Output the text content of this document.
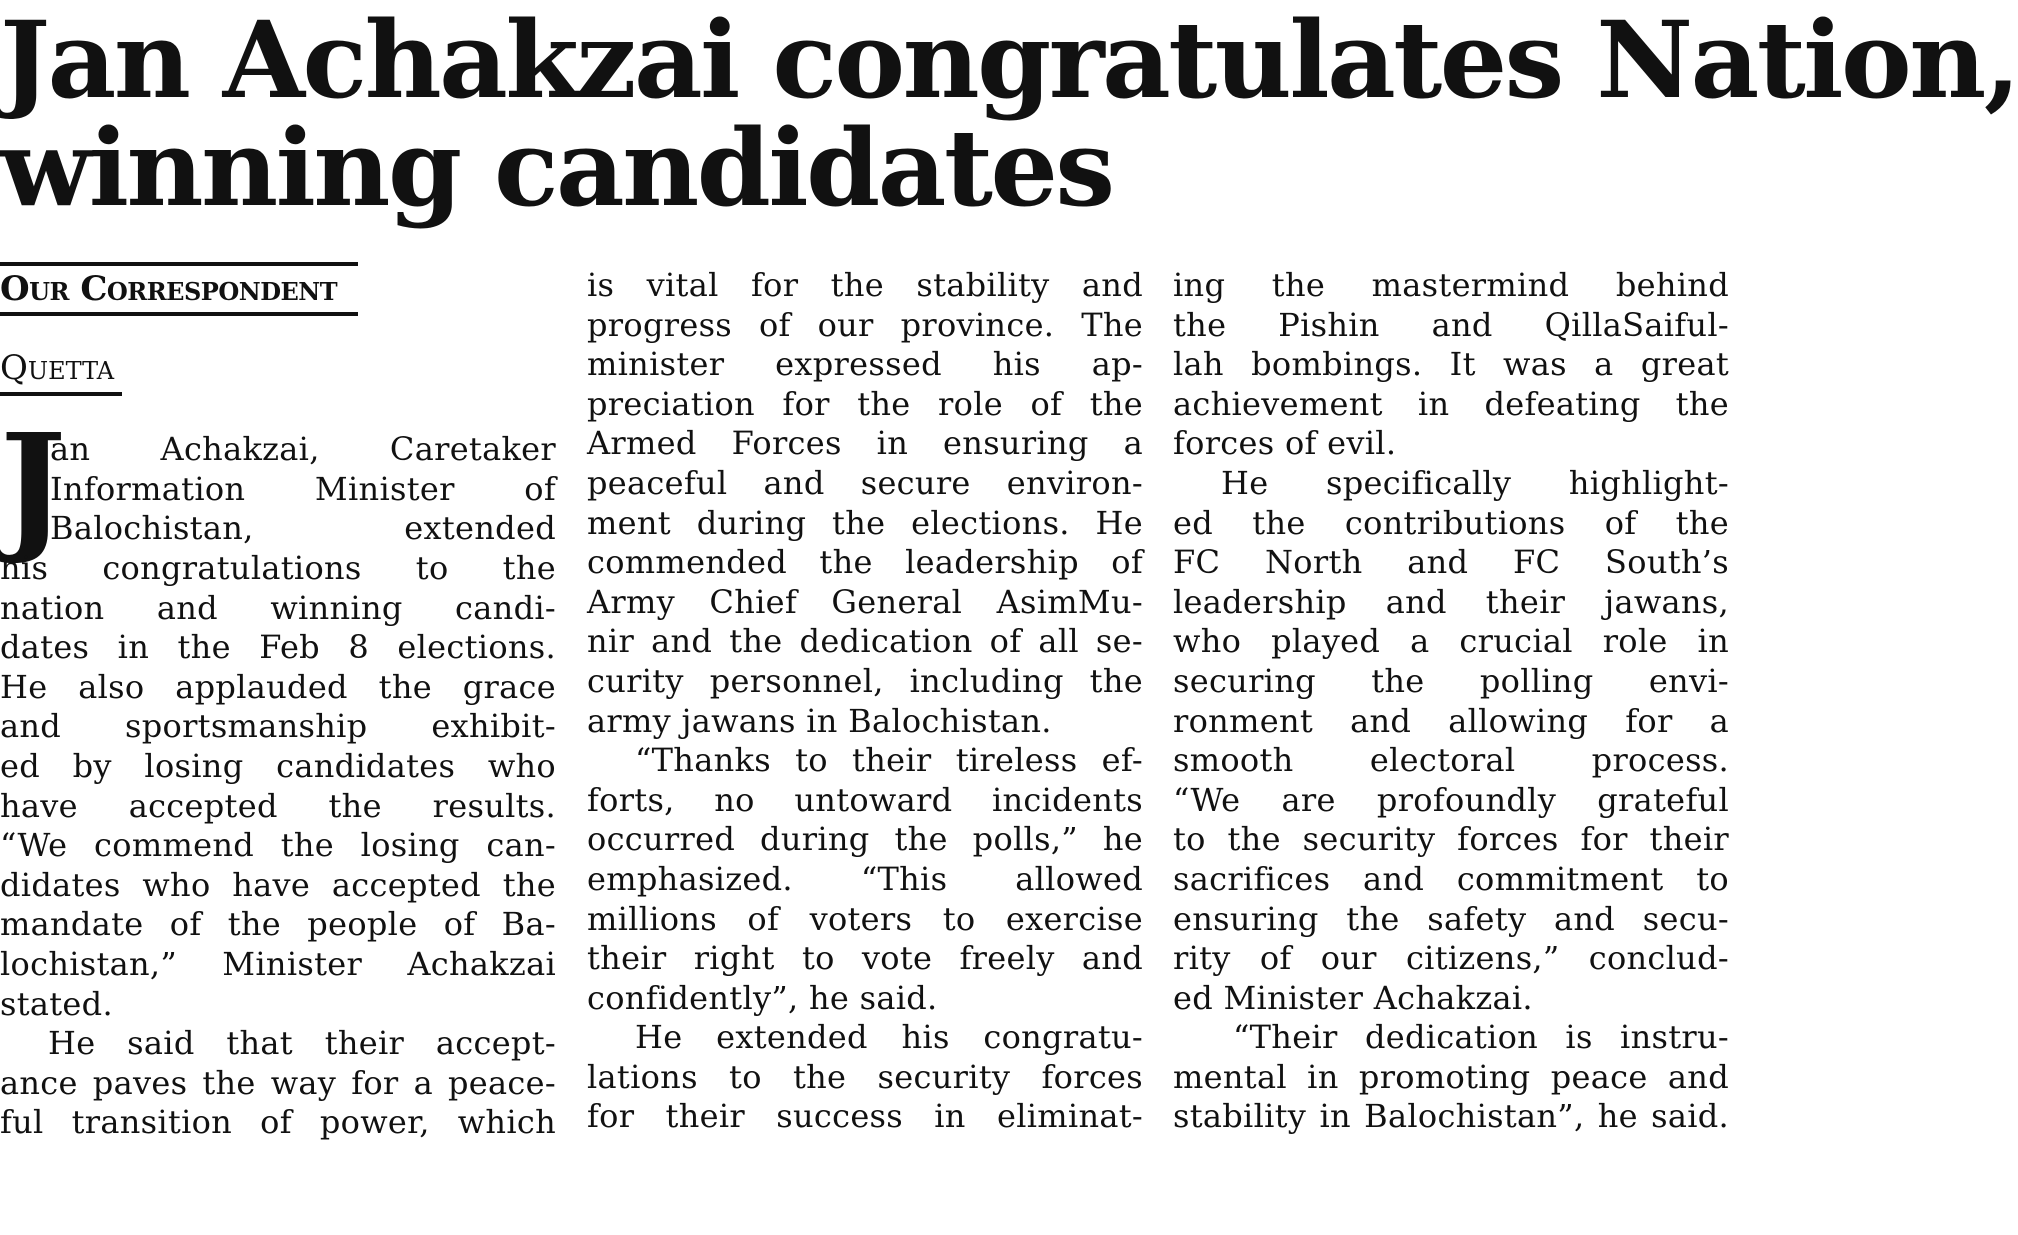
Jan Achakzai congratulates Nation,
winning candidates
Our Correspondent
Quetta
J
an Achakzai, Caretaker
Information Minister of
Balochistan, extended
his congratulations to the
nation and winning candi-
dates in the Feb 8 elections.
He also applauded the grace
and sportsmanship exhibit-
ed by losing candidates who
have accepted the results.
“We commend the losing can-
didates who have accepted the
mandate of the people of Ba-
lochistan,” Minister Achakzai
stated.
He said that their accept-
ance paves the way for a peace-
ful transition of power, which
is vital for the stability and
progress of our province. The
minister expressed his ap-
preciation for the role of the
Armed Forces in ensuring a
peaceful and secure environ-
ment during the elections. He
commended the leadership of
Army Chief General AsimMu-
nir and the dedication of all se-
curity personnel, including the
army jawans in Balochistan.
“Thanks to their tireless ef-
forts, no untoward incidents
occurred during the polls,” he
emphasized. “This allowed
millions of voters to exercise
their right to vote freely and
confidently”, he said.
He extended his congratu-
lations to the security forces
for their success in eliminat-
ing the mastermind behind
the Pishin and QillaSaiful-
lah bombings. It was a great
achievement in defeating the
forces of evil.
He specifically highlight-
ed the contributions of the
FC North and FC South’s
leadership and their jawans,
who played a crucial role in
securing the polling envi-
ronment and allowing for a
smooth electoral process.
“We are profoundly grateful
to the security forces for their
sacrifices and commitment to
ensuring the safety and secu-
rity of our citizens,” conclud-
ed Minister Achakzai.
“Their dedication is instru-
mental in promoting peace and
stability in Balochistan”, he said.
